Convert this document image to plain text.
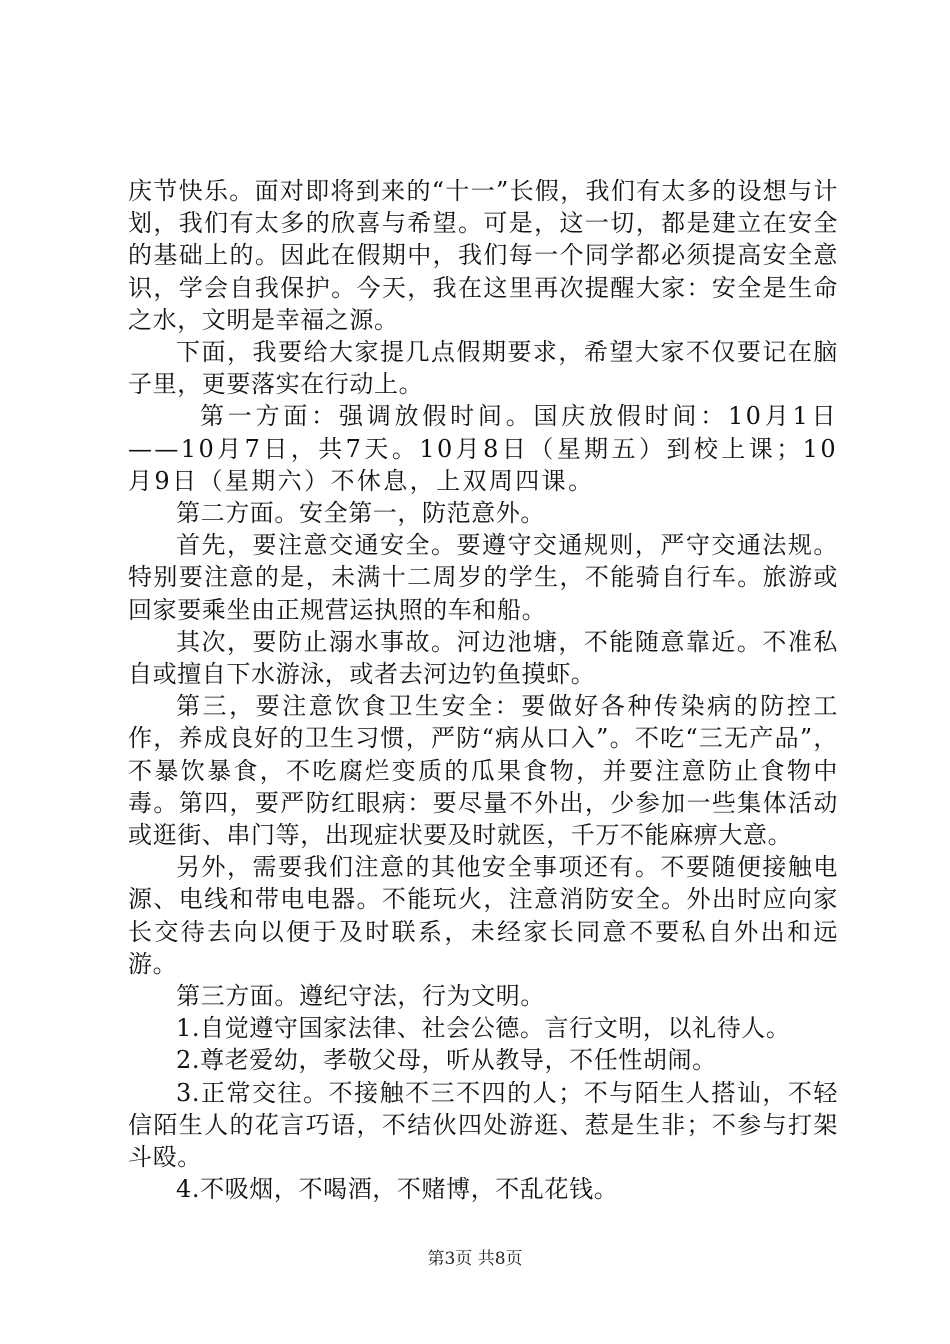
庆节快乐。面对即将到来的“十一”长假，我们有太多的设想与计划，我们有太多的欣喜与希望。可是，这一切，都是建立在安全的基础上的。因此在假期中，我们每一个同学都必须提高安全意识，学会自我保护。今天，我在这里再次提醒大家：安全是生命之水，文明是幸福之源。

下面，我要给大家提几点假期要求，希望大家不仅要记在脑子里，更要落实在行动上。

第一方面：强调放假时间。国庆放假时间：10月1日——10月7日，共7天。10月8日（星期五）到校上课；10月9日（星期六）不休息，上双周四课。

第二方面。安全第一，防范意外。

首先，要注意交通安全。要遵守交通规则，严守交通法规。特别要注意的是，未满十二周岁的学生，不能骑自行车。旅游或回家要乘坐由正规营运执照的车和船。

其次，要防止溺水事故。河边池塘，不能随意靠近。不准私自或擅自下水游泳，或者去河边钓鱼摸虾。

第三，要注意饮食卫生安全：要做好各种传染病的防控工作，养成良好的卫生习惯，严防“病从口入”。不吃“三无产品”，不暴饮暴食，不吃腐烂变质的瓜果食物，并要注意防止食物中毒。第四，要严防红眼病：要尽量不外出，少参加一些集体活动或逛街、串门等，出现症状要及时就医，千万不能麻痹大意。

另外，需要我们注意的其他安全事项还有。不要随便接触电源、电线和带电电器。不能玩火，注意消防安全。外出时应向家长交待去向以便于及时联系，未经家长同意不要私自外出和远游。

第三方面。遵纪守法，行为文明。

1.自觉遵守国家法律、社会公德。言行文明，以礼待人。

2.尊老爱幼，孝敬父母，听从教导，不任性胡闹。

3.正常交往。不接触不三不四的人；不与陌生人搭讪，不轻信陌生人的花言巧语，不结伙四处游逛、惹是生非；不参与打架斗殴。

4.不吸烟，不喝酒，不赌博，不乱花钱。

第3页 共8页
